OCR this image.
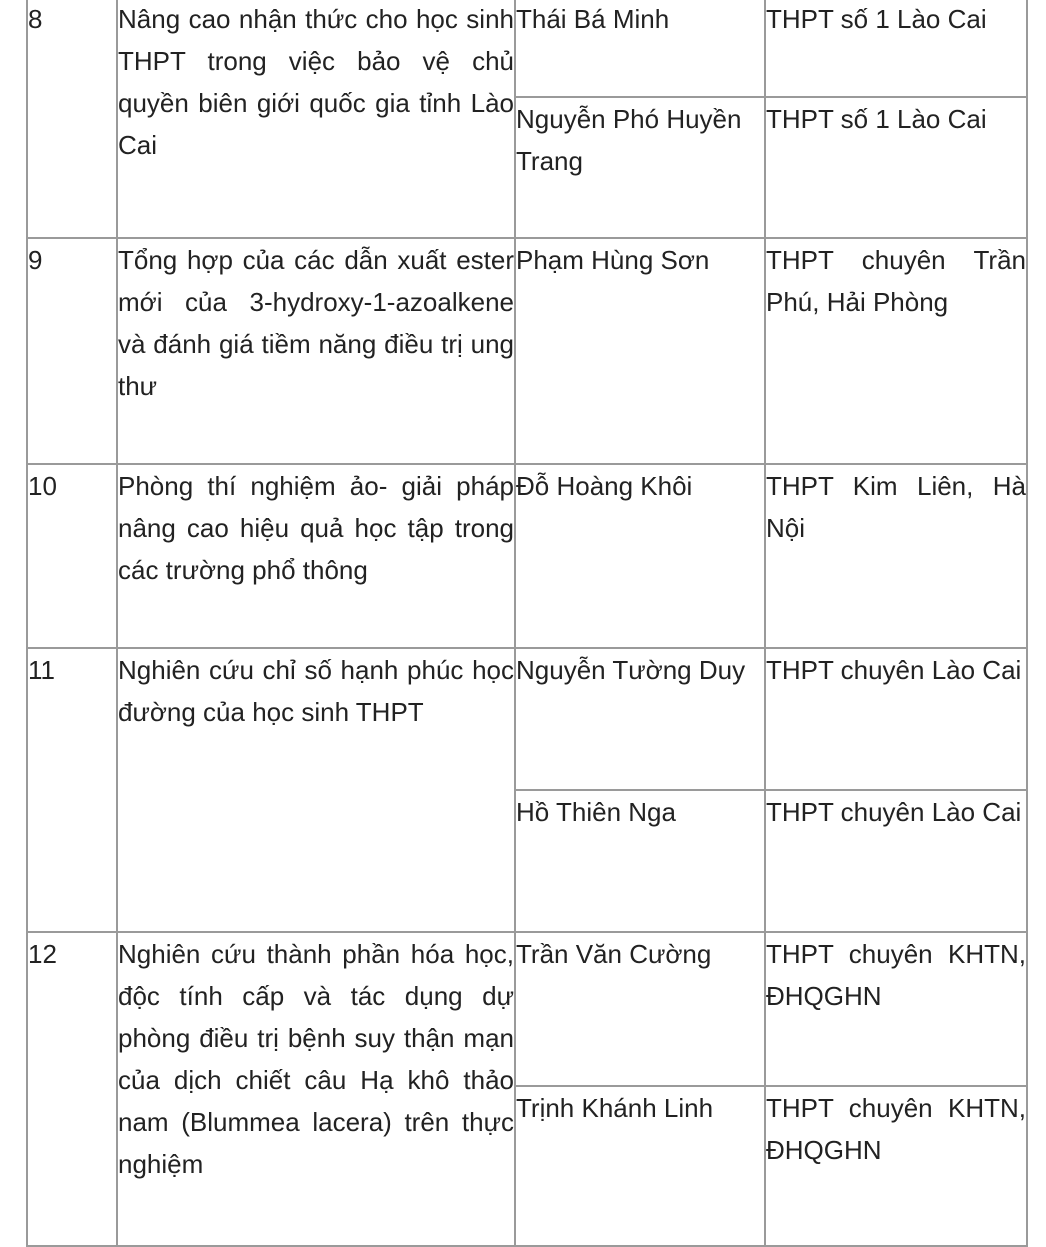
8	Nâng cao nhận thức cho học sinh THPT trong việc bảo vệ chủ quyền biên giới quốc gia tỉnh Lào Cai	Thái Bá Minh	THPT số 1 Lào Cai

		Nguyễn Phó Huyền Trang	THPT số 1 Lào Cai

9	Tổng hợp của các dẫn xuất ester mới của 3-hydroxy-1-azoalkene và đánh giá tiềm năng điều trị ung thư	Phạm Hùng Sơn	THPT chuyên Trần Phú, Hải Phòng

10	Phòng thí nghiệm ảo- giải pháp nâng cao hiệu quả học tập trong các trường phổ thông	Đỗ Hoàng Khôi	THPT Kim Liên, Hà Nội

11	Nghiên cứu chỉ số hạnh phúc học đường của học sinh THPT	Nguyễn Tường Duy	THPT chuyên Lào Cai

		Hồ Thiên Nga	THPT chuyên Lào Cai

12	Nghiên cứu thành phần hóa học, độc tính cấp và tác dụng dự phòng điều trị bệnh suy thận mạn của dịch chiết câu Hạ khô thảo nam (Blummea lacera) trên thực nghiệm	Trần Văn Cường	THPT chuyên KHTN, ĐHQGHN

		Trịnh Khánh Linh	THPT chuyên KHTN, ĐHQGHN
